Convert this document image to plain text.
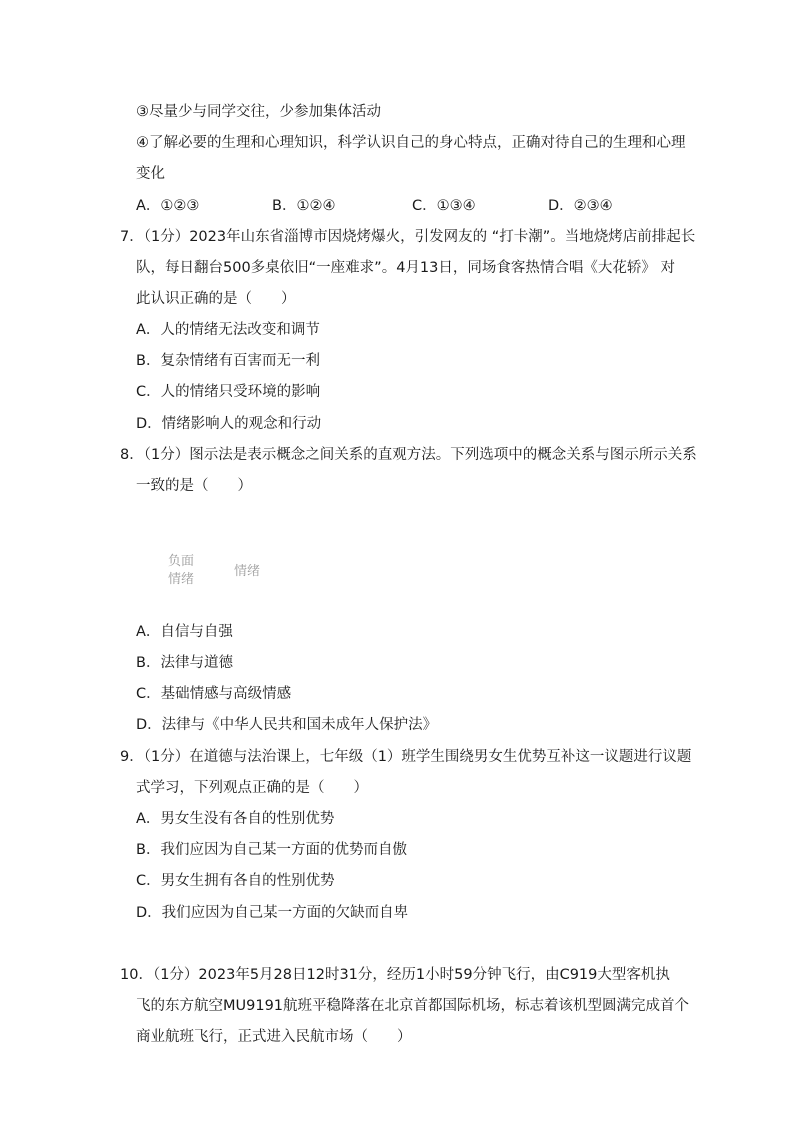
③尽量少与同学交往，少参加集体活动
④了解必要的生理和心理知识，科学认识自己的身心特点，正确对待自己的生理和心理
变化
A．①②③	B．①②④	C．①③④	D．②③④
7．（1分）2023年山东省淄博市因烧烤爆火，引发网友的 “打卡潮”。当地烧烤店前排起长
队，每日翻台500多桌依旧“一座难求”。4月13日，同场食客热情合唱《大花轿》 对
此认识正确的是（　　）
A．人的情绪无法改变和调节
B．复杂情绪有百害而无一利
C．人的情绪只受环境的影响
D．情绪影响人的观念和行动
8．（1分）图示法是表示概念之间关系的直观方法。下列选项中的概念关系与图示所示关系
一致的是（　　）
负面
情绪
情绪
A．自信与自强
B．法律与道德
C．基础情感与高级情感
D．法律与《中华人民共和国未成年人保护法》
9．（1分）在道德与法治课上，七年级（1）班学生围绕男女生优势互补这一议题进行议题
式学习，下列观点正确的是（　　）
A．男女生没有各自的性别优势
B．我们应因为自己某一方面的优势而自傲
C．男女生拥有各自的性别优势
D．我们应因为自己某一方面的欠缺而自卑
10．（1分）2023年5月28日12时31分，经历1小时59分钟飞行，由C919大型客机执
飞的东方航空MU9191航班平稳降落在北京首都国际机场，标志着该机型圆满完成首个
商业航班飞行，正式进入民航市场（　　）
